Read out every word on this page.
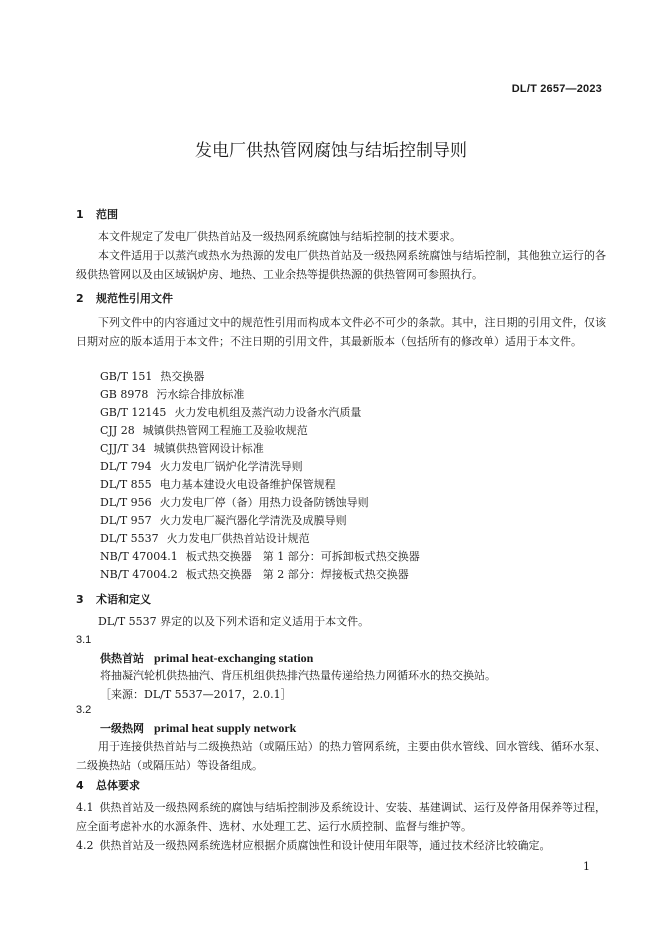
DL/T 2657—2023
发电厂供热管网腐蚀与结垢控制导则
1 范围
本文件规定了发电厂供热首站及一级热网系统腐蚀与结垢控制的技术要求。
本文件适用于以蒸汽或热水为热源的发电厂供热首站及一级热网系统腐蚀与结垢控制，其他独立运行的各级供热管网以及由区域锅炉房、地热、工业余热等提供热源的供热管网可参照执行。
2 规范性引用文件
下列文件中的内容通过文中的规范性引用而构成本文件必不可少的条款。其中，注日期的引用文件，仅该日期对应的版本适用于本文件；不注日期的引用文件，其最新版本（包括所有的修改单）适用于本文件。
GB/T 151 热交换器
GB 8978 污水综合排放标准
GB/T 12145 火力发电机组及蒸汽动力设备水汽质量
CJJ 28 城镇供热管网工程施工及验收规范
CJJ/T 34 城镇供热管网设计标准
DL/T 794 火力发电厂锅炉化学清洗导则
DL/T 855 电力基本建设火电设备维护保管规程
DL/T 956 火力发电厂停（备）用热力设备防锈蚀导则
DL/T 957 火力发电厂凝汽器化学清洗及成膜导则
DL/T 5537 火力发电厂供热首站设计规范
NB/T 47004.1 板式热交换器　第 1 部分：可拆卸板式热交换器
NB/T 47004.2 板式热交换器　第 2 部分：焊接板式热交换器
3 术语和定义
DL/T 5537 界定的以及下列术语和定义适用于本文件。
3.1
供热首站 primal heat-exchanging station
将抽凝汽轮机供热抽汽、背压机组供热排汽热量传递给热力网循环水的热交换站。
［来源：DL/T 5537—2017，2.0.1］
3.2
一级热网 primal heat supply network
用于连接供热首站与二级换热站（或隔压站）的热力管网系统，主要由供水管线、回水管线、循环水泵、二级换热站（或隔压站）等设备组成。
4 总体要求
4.1 供热首站及一级热网系统的腐蚀与结垢控制涉及系统设计、安装、基建调试、运行及停备用保养等过程，应全面考虑补水的水源条件、选材、水处理工艺、运行水质控制、监督与维护等。
4.2 供热首站及一级热网系统选材应根据介质腐蚀性和设计使用年限等，通过技术经济比较确定。
1
